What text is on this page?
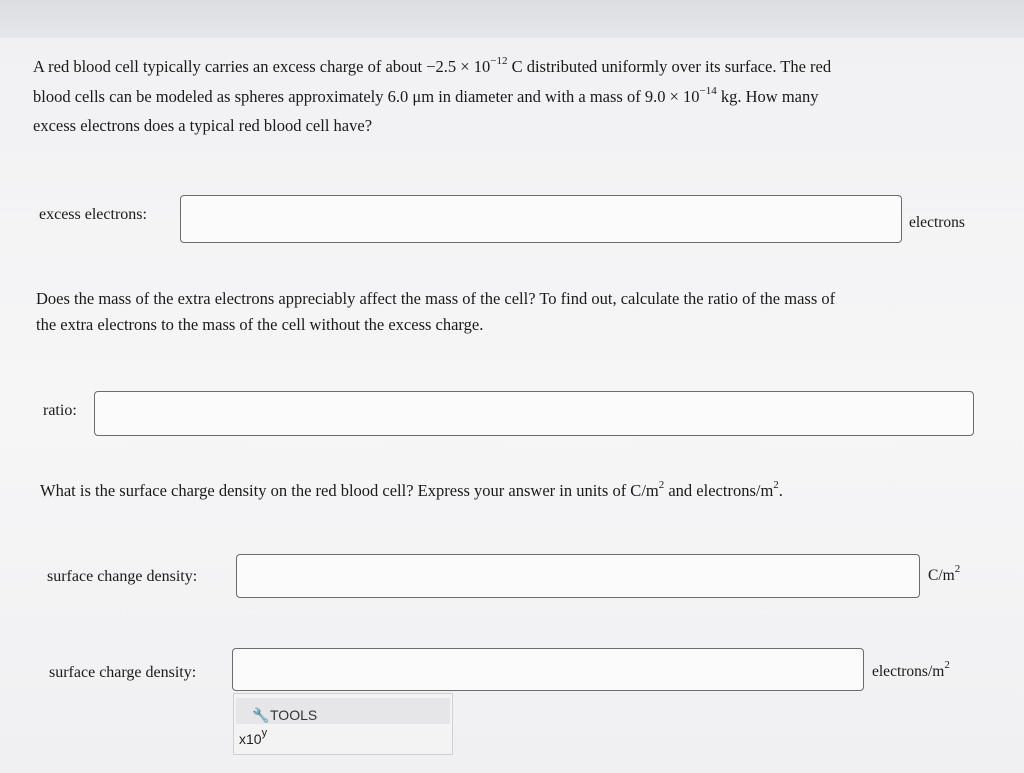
A red blood cell typically carries an excess charge of about $-2.5 \times 10^{-12}$ C distributed uniformly over its surface. The red

blood cells can be modeled as spheres approximately 6.0 μm in diameter and with a mass of $9.0 \times 10^{-14}$ kg. How many

excess electrons does a typical red blood cell have?

excess electrons:	electrons

Does the mass of the extra electrons appreciably affect the mass of the cell? To find out, calculate the ratio of the mass of

the extra electrons to the mass of the cell without the excess charge.

ratio:

What is the surface charge density on the red blood cell? Express your answer in units of $C/m^2$ and electrons/$m^2$.

surface change density:	$C/m^2$
surface charge density:	electrons/$m^2$
🔧 TOOLS
x10$^y$
